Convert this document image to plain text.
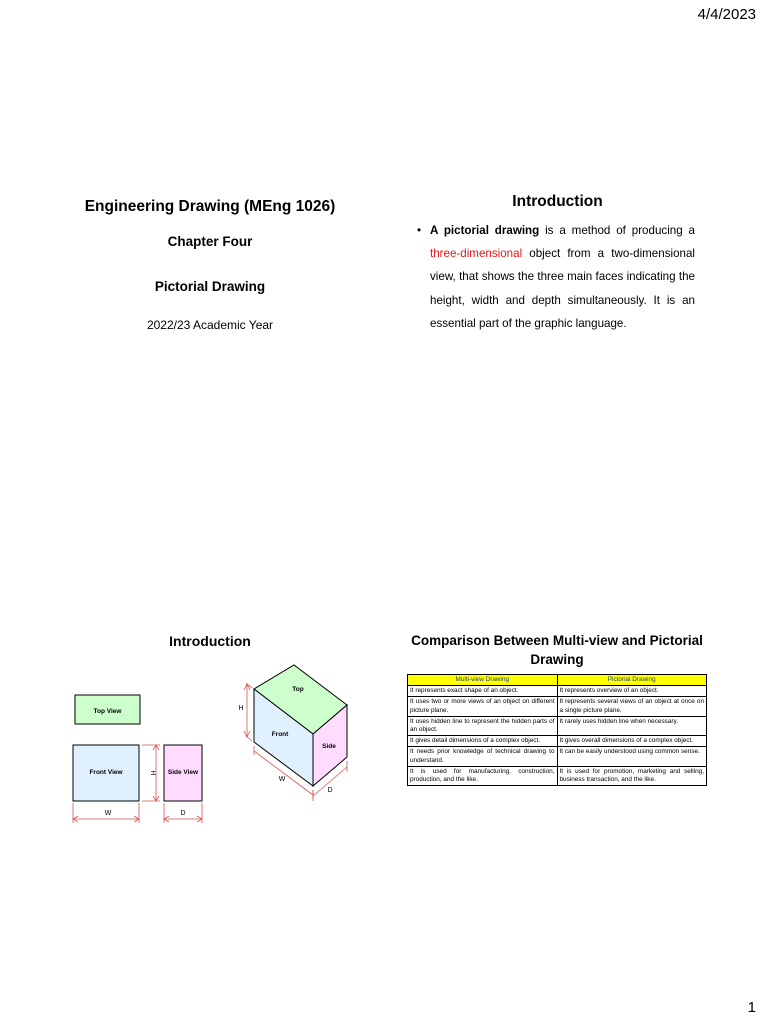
4/4/2023
Engineering Drawing (MEng 1026)
Chapter Four
Pictorial Drawing
2022/23 Academic Year
Introduction
• A pictorial drawing is a method of producing a three-dimensional object from a two-dimensional view, that shows the three main faces indicating the height, width and depth simultaneously. It is an essential part of the graphic language.
Introduction
Top View
Front View	Side View
H
W	D
Top
Front
Side
H
W
D
Comparison Between Multi-view and Pictorial Drawing
Multi-view Drawing	Pictorial Drawing
It represents exact shape of an object.	It represents overview of an object.
It uses two or more views of an object on different picture plane.	It represents several views of an object at once on a single picture plane.
It uses hidden line to represent the hidden parts of an object.	It rarely uses hidden line when necessary.
It gives detail dimensions of a complex object.	It gives overall dimensions of a complex object.
It needs prior knowledge of technical drawing to understand.	It can be easily understood using common sense.
It is used for manufacturing, construction, production, and the like.	It is used for promotion, marketing and selling, business transaction, and the like.
1
